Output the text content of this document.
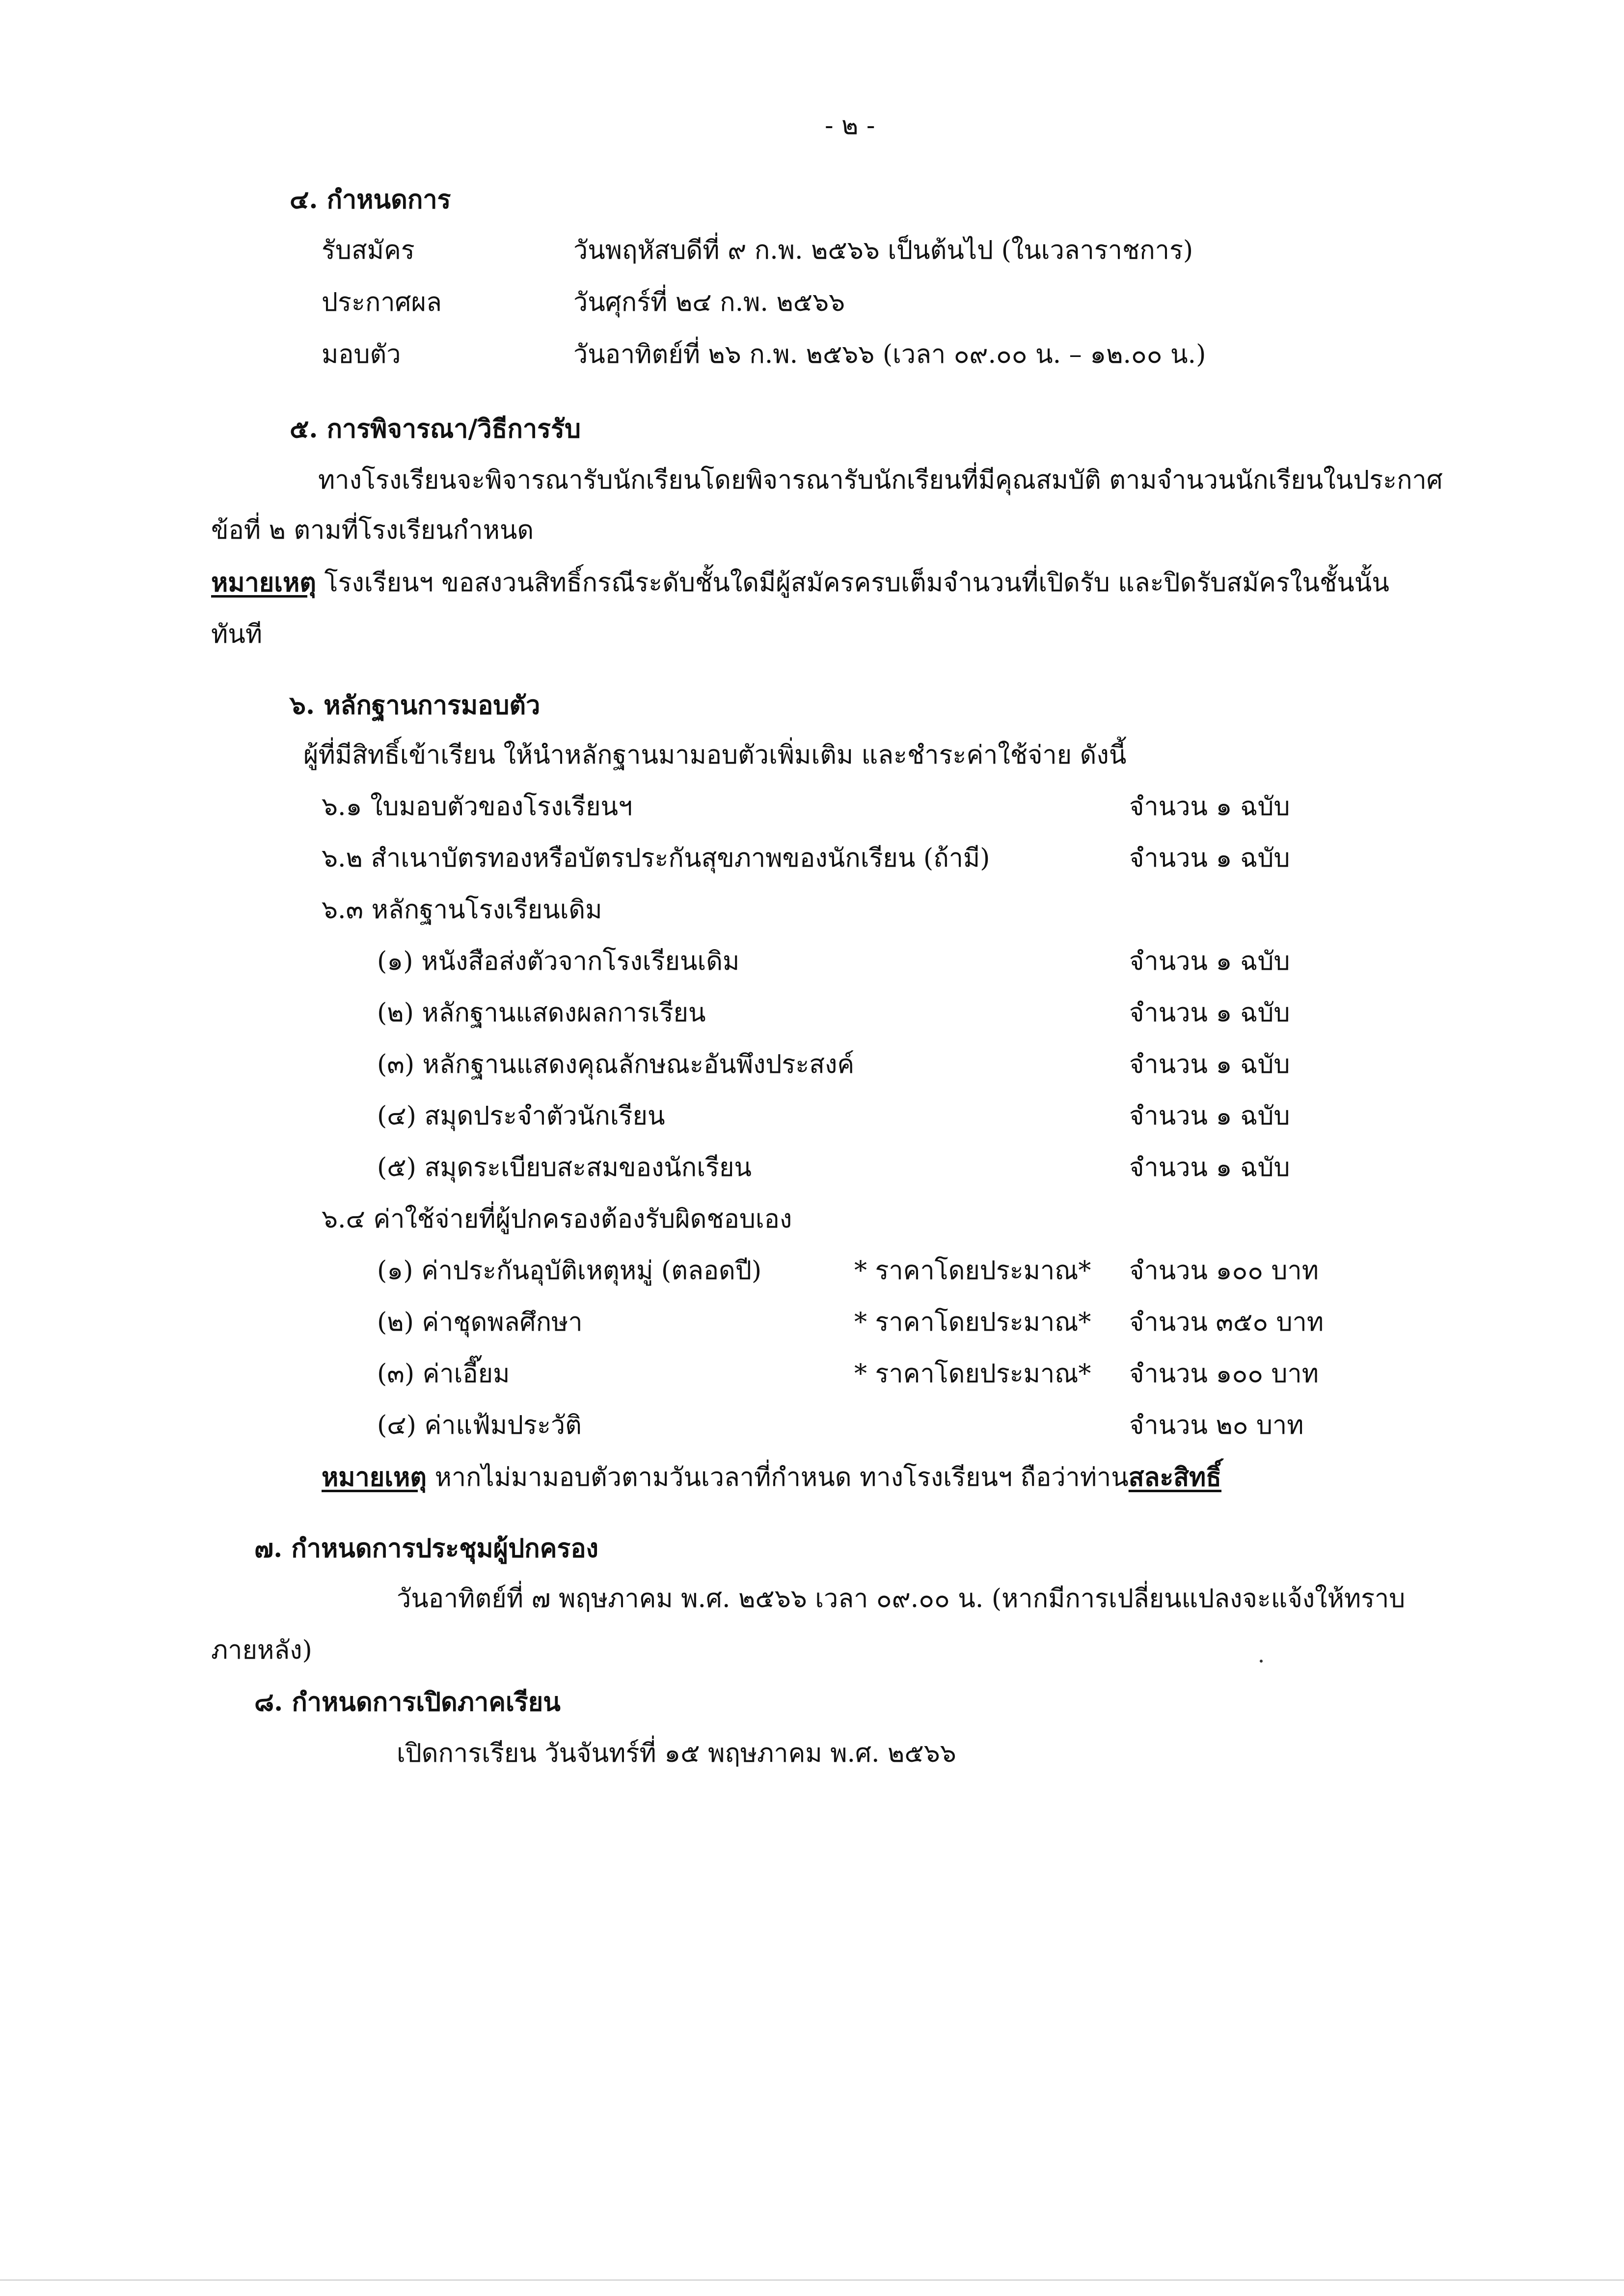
- ๒ -
๔. กำหนดการ
รับสมัคร	วันพฤหัสบดีที่ ๙ ก.พ. ๒๕๖๖ เป็นต้นไป (ในเวลาราชการ)
ประกาศผล	วันศุกร์ที่ ๒๔ ก.พ. ๒๕๖๖
มอบตัว	วันอาทิตย์ที่ ๒๖ ก.พ. ๒๕๖๖ (เวลา ๐๙.๐๐ น. – ๑๒.๐๐ น.)
๕. การพิจารณา/วิธีการรับ
ทางโรงเรียนจะพิจารณารับนักเรียนโดยพิจารณารับนักเรียนที่มีคุณสมบัติ ตามจำนวนนักเรียนในประกาศ
ข้อที่ ๒ ตามที่โรงเรียนกำหนด
หมายเหตุ โรงเรียนฯ ขอสงวนสิทธิ์กรณีระดับชั้นใดมีผู้สมัครครบเต็มจำนวนที่เปิดรับ และปิดรับสมัครในชั้นนั้น
ทันที
๖. หลักฐานการมอบตัว
ผู้ที่มีสิทธิ์เข้าเรียน ให้นำหลักฐานมามอบตัวเพิ่มเติม และชำระค่าใช้จ่าย ดังนี้
๖.๑ ใบมอบตัวของโรงเรียนฯ	จำนวน ๑ ฉบับ
๖.๒ สำเนาบัตรทองหรือบัตรประกันสุขภาพของนักเรียน (ถ้ามี)	จำนวน ๑ ฉบับ
๖.๓ หลักฐานโรงเรียนเดิม
(๑) หนังสือส่งตัวจากโรงเรียนเดิม	จำนวน ๑ ฉบับ
(๒) หลักฐานแสดงผลการเรียน	จำนวน ๑ ฉบับ
(๓) หลักฐานแสดงคุณลักษณะอันพึงประสงค์	จำนวน ๑ ฉบับ
(๔) สมุดประจำตัวนักเรียน	จำนวน ๑ ฉบับ
(๕) สมุดระเบียบสะสมของนักเรียน	จำนวน ๑ ฉบับ
๖.๔ ค่าใช้จ่ายที่ผู้ปกครองต้องรับผิดชอบเอง
(๑) ค่าประกันอุบัติเหตุหมู่ (ตลอดปี)	* ราคาโดยประมาณ* จำนวน ๑๐๐ บาท
(๒) ค่าชุดพลศึกษา	* ราคาโดยประมาณ* จำนวน ๓๕๐ บาท
(๓) ค่าเอี๊ยม	* ราคาโดยประมาณ* จำนวน ๑๐๐ บาท
(๔) ค่าแฟ้มประวัติ	จำนวน ๒๐ บาท
หมายเหตุ หากไม่มามอบตัวตามวันเวลาที่กำหนด ทางโรงเรียนฯ ถือว่าท่านสละสิทธิ์
๗. กำหนดการประชุมผู้ปกครอง
วันอาทิตย์ที่ ๗ พฤษภาคม พ.ศ. ๒๕๖๖ เวลา ๐๙.๐๐ น. (หากมีการเปลี่ยนแปลงจะแจ้งให้ทราบ
ภายหลัง)
๘. กำหนดการเปิดภาคเรียน
เปิดการเรียน วันจันทร์ที่ ๑๕ พฤษภาคม พ.ศ. ๒๕๖๖
